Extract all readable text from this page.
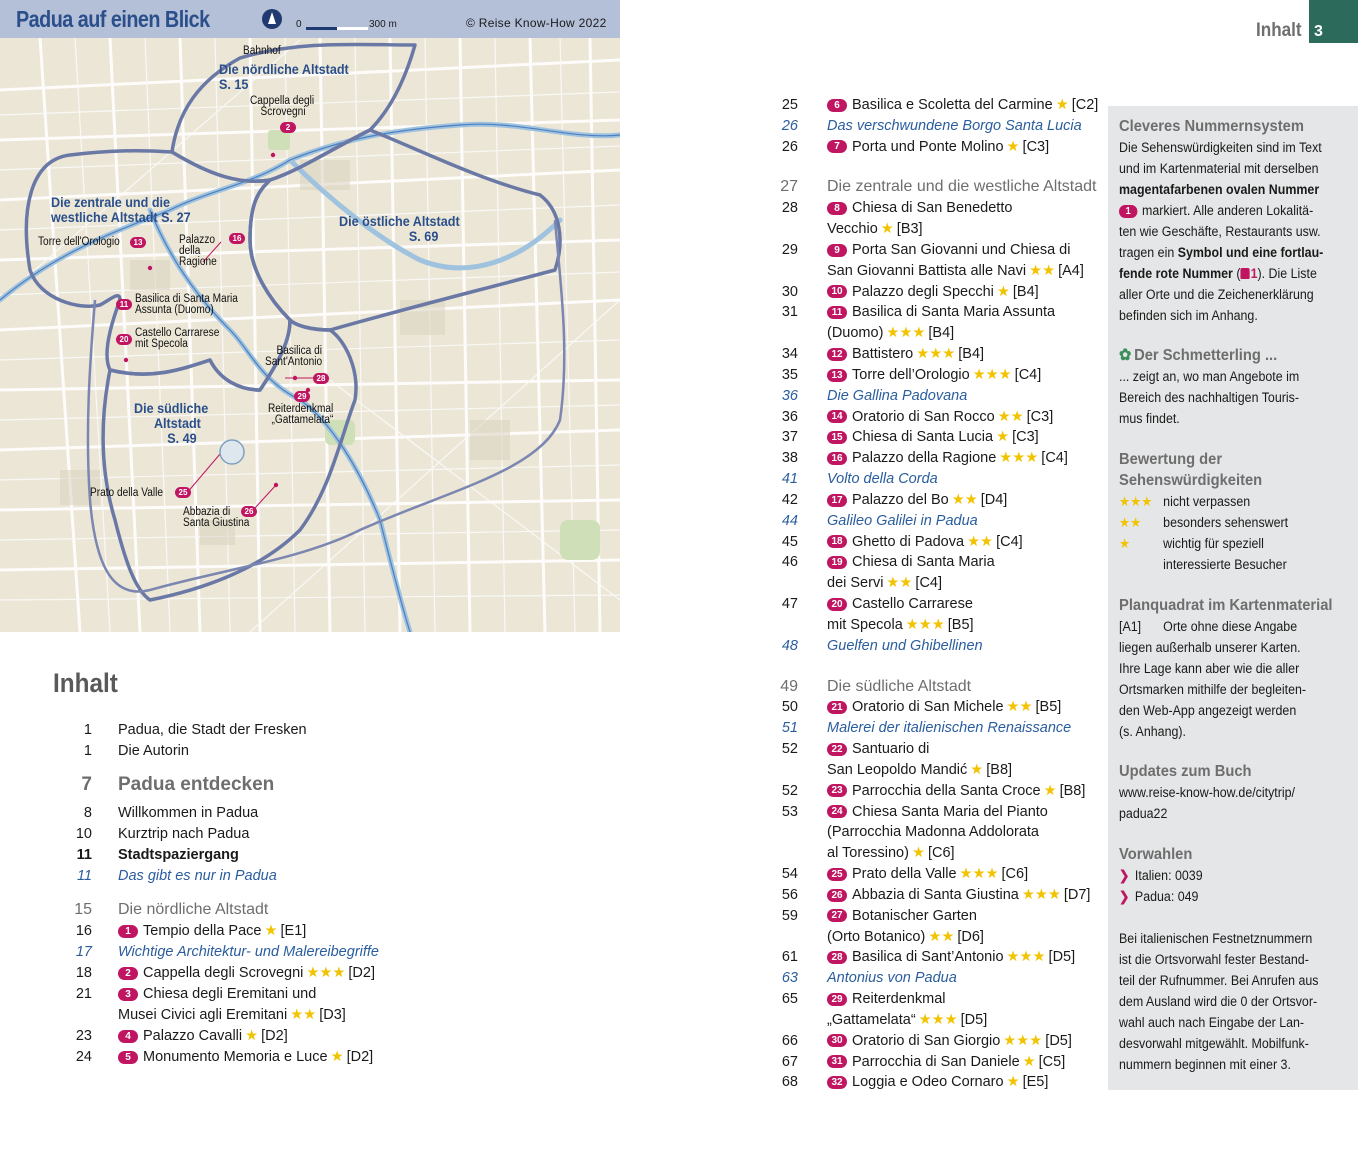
Padua auf einen Blick	0	300 m	© Reise Know-How 2022
Die nördliche Altstadt
S. 15
Die zentrale und die
westliche Altstadt S. 27	Die östliche Altstadt
S. 69
Die südliche
Altstadt
S. 49
Bahnhof
Cappella degli
Scrovegni
2
Torre dell'Orologio	13	Palazzo
della
Ragione
16
11 Basilica di Santa Maria
Assunta (Duomo)
20
Castello Carrarese
mit Specola
Basilica di
Sant'Antonio
28
29
Reiterdenkmal
„Gattamelata“
Prato della Valle	25
Abbazia di
Santa Giustina
26
Inhalt 3
Inhalt
1 Padua, die Stadt der Fresken
1 Die Autorin
7 Padua entdecken
8 Willkommen in Padua
10 Kurztrip nach Padua
11 Stadtspaziergang
11 Das gibt es nur in Padua
15 Die nördliche Altstadt
16	1 Tempio della Pace ★ [E1]
17 Wichtige Architektur- und Malereibegriffe
18	2 Cappella degli Scrovegni ★★★ [D2]
21	3 Chiesa degli Eremitani und
Musei Civici agli Eremitani ★★ [D3]
23	4 Palazzo Cavalli ★ [D2]
24	5 Monumento Memoria e Luce ★ [D2]
25	6 Basilica e Scoletta del Carmine ★ [C2]
26 Das verschwundene Borgo Santa Lucia
26	7 Porta und Ponte Molino ★ [C3]
27 Die zentrale und die westliche Altstadt
28	8 Chiesa di San Benedetto
Vecchio ★ [B3]
29	9 Porta San Giovanni und Chiesa di
San Giovanni Battista alle Navi ★★ [A4]
30	10 Palazzo degli Specchi ★ [B4]
31	11 Basilica di Santa Maria Assunta
(Duomo) ★★★ [B4]
34	12 Battistero ★★★ [B4]
35	13 Torre dell’Orologio ★★★ [C4]
36 Die Gallina Padovana
36	14 Oratorio di San Rocco ★★ [C3]
37	15 Chiesa di Santa Lucia ★ [C3]
38	16 Palazzo della Ragione ★★★ [C4]
41 Volto della Corda
42	17 Palazzo del Bo ★★ [D4]
44 Galileo Galilei in Padua
45	18 Ghetto di Padova ★★ [C4]
46	19 Chiesa di Santa Maria
dei Servi ★★ [C4]
47	20 Castello Carrarese
mit Specola ★★★ [B5]
48 Guelfen und Ghibellinen
49 Die südliche Altstadt
50	21 Oratorio di San Michele ★★ [B5]
51 Malerei der italienischen Renaissance
52	22 Santuario di
San Leopoldo Mandić ★ [B8]
52	23 Parrocchia della Santa Croce ★ [B8]
53	24 Chiesa Santa Maria del Pianto
(Parrocchia Madonna Addolorata
al Toressino) ★ [C6]
54	25 Prato della Valle ★★★ [C6]
56	26 Abbazia di Santa Giustina ★★★ [D7]
59	27 Botanischer Garten
(Orto Botanico) ★★ [D6]
61	28 Basilica di Sant’Antonio ★★★ [D5]
63 Antonius von Padua
65	29 Reiterdenkmal
„Gattamelata“ ★★★ [D5]
66	30 Oratorio di San Giorgio ★★★ [D5]
67	31 Parrocchia di San Daniele ★ [C5]
68	32 Loggia e Odeo Cornaro ★ [E5]
Cleveres Nummernsystem
Die Sehenswürdigkeiten sind im Text
und im Kartenmaterial mit derselben
magentafarbenen ovalen Nummer
1 markiert. Alle anderen Lokalitä-
ten wie Geschäfte, Restaurants usw.
tragen ein Symbol und eine fortlau-
fende rote Nummer ( 1). Die Liste
aller Orte und die Zeichenerklärung
befinden sich im Anhang.
✿ Der Schmetterling ...
... zeigt an, wo man Angebote im
Bereich des nachhaltigen Touris-
mus findet.
Bewertung der
Sehenswürdigkeiten
★★★ nicht verpassen
★★ besonders sehenswert
★ wichtig für speziell
interessierte Besucher
Planquadrat im Kartenmaterial
[A1] Orte ohne diese Angabe
liegen außerhalb unserer Karten.
Ihre Lage kann aber wie die aller
Ortsmarken mithilfe der begleiten-
den Web-App angezeigt werden
(s. Anhang).
Updates zum Buch
www.reise-know-how.de/citytrip/
padua22
Vorwahlen
❯ Italien: 0039
❯ Padua: 049
Bei italienischen Festnetznummern
ist die Ortsvorwahl fester Bestand-
teil der Rufnummer. Bei Anrufen aus
dem Ausland wird die 0 der Ortsvor-
wahl auch nach Eingabe der Lan-
desvorwahl mitgewählt. Mobilfunk-
nummern beginnen mit einer 3.
